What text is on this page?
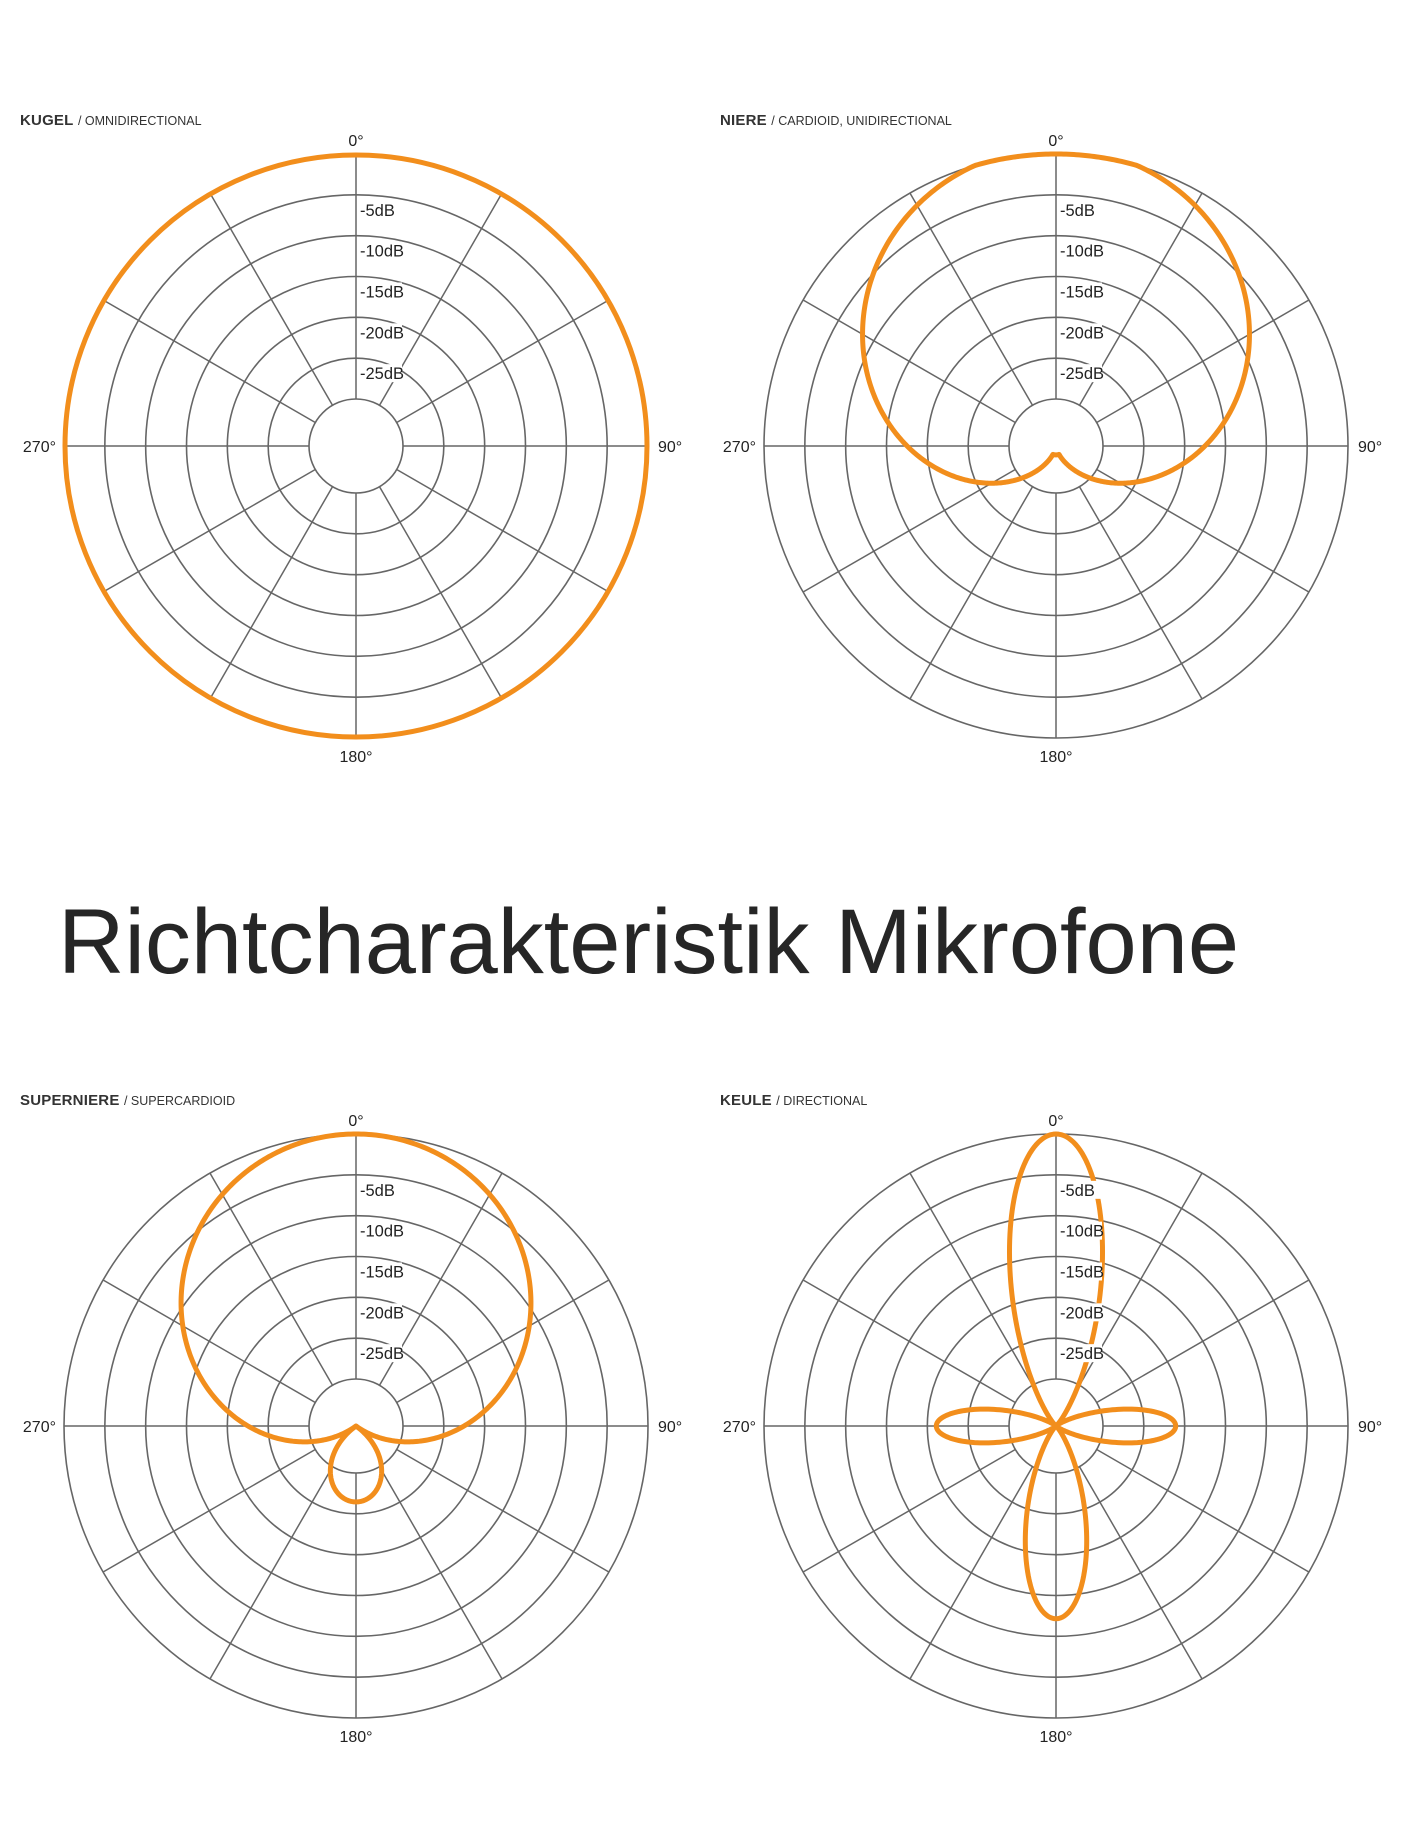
KUGEL / OMNIDIRECTIONAL
-5dB
-10dB
-15dB
-20dB
-25dB
0°
180°
90°
270°
NIERE / CARDIOID, UNIDIRECTIONAL
-5dB
-10dB
-15dB
-20dB
-25dB
0°
180°
90°
270°
Richtcharakteristik Mikrofone
SUPERNIERE / SUPERCARDIOID
-5dB
-10dB
-15dB
-20dB
-25dB
0°
180°
90°
270°
KEULE / DIRECTIONAL
-5dB
-10dB
-15dB
-20dB
-25dB
0°
180°
90°
270°
